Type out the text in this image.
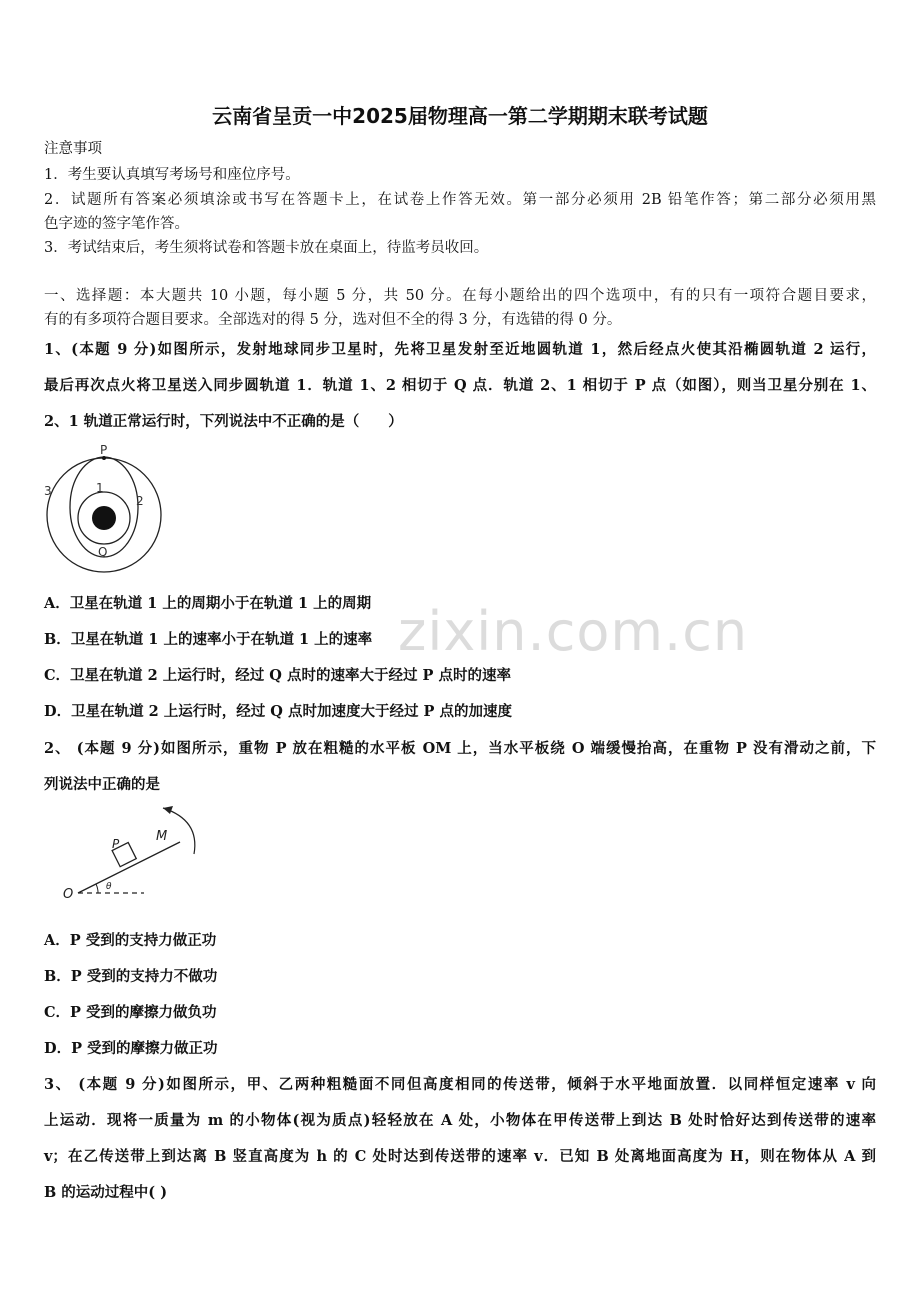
zixin.com.cn
云南省呈贡一中2025届物理高一第二学期期末联考试题
注意事项
1．考生要认真填写考场号和座位序号。
2．试题所有答案必须填涂或书写在答题卡上，在试卷上作答无效。第一部分必须用 2B 铅笔作答；第二部分必须用黑
色字迹的签字笔作答。
3．考试结束后，考生须将试卷和答题卡放在桌面上，待监考员收回。
一、选择题：本大题共 10 小题，每小题 5 分，共 50 分。在每小题给出的四个选项中，有的只有一项符合题目要求，
有的有多项符合题目要求。全部选对的得 5 分，选对但不全的得 3 分，有选错的得 0 分。
1、(本题 9 分)如图所示，发射地球同步卫星时，先将卫星发射至近地圆轨道 1，然后经点火使其沿椭圆轨道 2 运行，
最后再次点火将卫星送入同步圆轨道 1．轨道 1、2 相切于 Q 点．轨道 2、1 相切于 P 点（如图），则当卫星分别在 1、
2、1 轨道正常运行时，下列说法中不正确的是（　　）
P
1
2
3
Q
A．卫星在轨道 1 上的周期小于在轨道 1 上的周期
B．卫星在轨道 1 上的速率小于在轨道 1 上的速率
C．卫星在轨道 2 上运行时，经过 Q 点时的速率大于经过 P 点时的速率
D．卫星在轨道 2 上运行时，经过 Q 点时加速度大于经过 P 点的加速度
2、 (本题 9 分)如图所示，重物 P 放在粗糙的水平板 OM 上，当水平板绕 O 端缓慢抬高，在重物 P 没有滑动之前，下
列说法中正确的是
O
P	M
θ
A．P 受到的支持力做正功
B．P 受到的支持力不做功
C．P 受到的摩擦力做负功
D．P 受到的摩擦力做正功
3、 (本题 9 分)如图所示，甲、乙两种粗糙面不同但高度相同的传送带，倾斜于水平地面放置．以同样恒定速率 v 向
上运动．现将一质量为 m 的小物体(视为质点)轻轻放在 A 处，小物体在甲传送带上到达 B 处时恰好达到传送带的速率
v；在乙传送带上到达离 B 竖直高度为 h 的 C 处时达到传送带的速率 v．已知 B 处离地面高度为 H，则在物体从 A 到
B 的运动过程中( )
